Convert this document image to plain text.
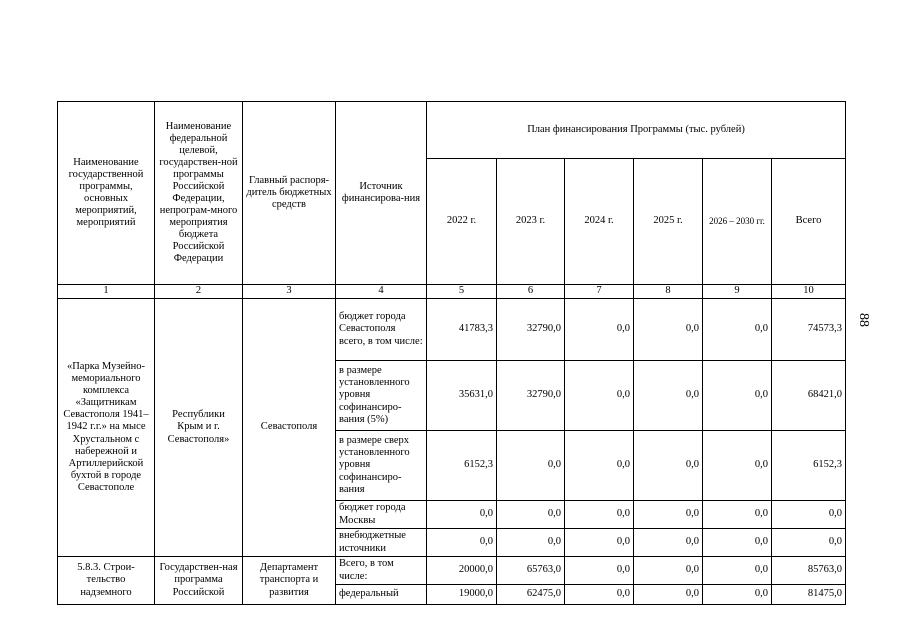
88
Наименование государственной программы, основных мероприятий, мероприятий	Наименование федеральной целевой, государствен-ной программы Российской Федерации, непрограм-много мероприятия бюджета Российской Федерации	Главный распоря-дитель бюджетных средств	Источник финансирова-ния	План финансирования Программы (тыс. рублей)					
				2022 г.	2023 г.	2024 г.	2025 г.	2026 – 2030 гг.	Всего
1	2	3	4	5	6	7	8	9	10
«Парка Музейно-мемориального комплекса «Защитникам Севастополя 1941–1942 г.г.» на мысе Хрустальном с набережной и Артиллерийской бухтой в городе Севастополе	Республики Крым и г. Севастополя»	Севастополя	бюджет города Севастополя всего, в том числе:	41783,3	32790,0	0,0	0,0	0,0	74573,3
			в размере установленного уровня софинансиро-вания (5%)	35631,0	32790,0	0,0	0,0	0,0	68421,0
			в размере сверх установленного уровня софинансиро-вания	6152,3	0,0	0,0	0,0	0,0	6152,3
			бюджет города Москвы	0,0	0,0	0,0	0,0	0,0	0,0
			внебюджетные источники	0,0	0,0	0,0	0,0	0,0	0,0
5.8.3. Строи-тельство надземного	Государствен-ная программа Российской	Департамент транспорта и развития	Всего, в том числе:	20000,0	65763,0	0,0	0,0	0,0	85763,0
			федеральный	19000,0	62475,0	0,0	0,0	0,0	81475,0
